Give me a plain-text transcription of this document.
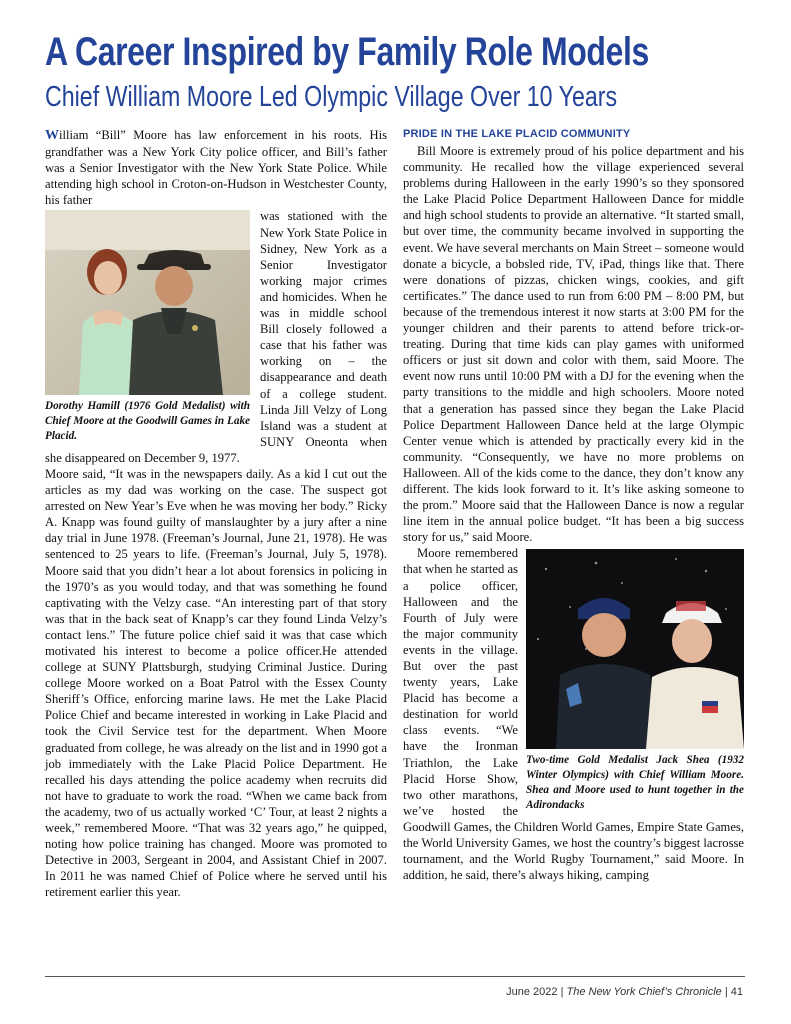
A Career Inspired by Family Role Models
Chief William Moore Led Olympic Village Over 10 Years

William “Bill” Moore has law enforcement in his roots. His grandfather was a New York City police officer, and Bill’s father was a Senior Investigator with the New York State Police. While attending high school in Croton-on-Hudson in Westchester County, his father

Dorothy Hamill (1976 Gold Medalist) with Chief Moore at the Goodwill Games in Lake Placid.

was stationed with the New York State Police in Sidney, New York as a Senior Investigator working major crimes and homicides. When he was in middle school Bill closely followed a case that his father was working on – the disappearance and death of a college student. Linda Jill Velzy of Long Island was a student at SUNY Oneonta when she disappeared on December 9, 1977.

Moore said, “It was in the newspapers daily. As a kid I cut out the articles as my dad was working on the case. The suspect got arrested on New Year’s Eve when he was moving her body.” Ricky A. Knapp was found guilty of manslaughter by a jury after a nine day trial in June 1978. (Freeman’s Journal, June 21, 1978). He was sentenced to 25 years to life. (Freeman’s Journal, July 5, 1978). Moore said that you didn’t hear a lot about forensics in policing in the 1970’s as you would today, and that was something he found captivating with the Velzy case. “An interesting part of that story was that in the back seat of Knapp’s car they found Linda Velzy’s contact lens.” The future police chief said it was that case which motivated his interest to become a police officer.He attended college at SUNY Plattsburgh, studying Criminal Justice. During college Moore worked on a Boat Patrol with the Essex County Sheriff’s Office, enforcing marine laws. He met the Lake Placid Police Chief and became interested in working in Lake Placid and took the Civil Service test for the department. When Moore graduated from college, he was already on the list and in 1990 got a job immediately with the Lake Placid Police Department. He recalled his days attending the police academy when recruits did not have to graduate to work the road. “When we came back from the academy, two of us actually worked ‘C’ Tour, at least 2 nights a week,” remembered Moore. “That was 32 years ago,” he quipped, noting how police training has changed. Moore was promoted to Detective in 2003, Sergeant in 2004, and Assistant Chief in 2007. In 2011 he was named Chief of Police where he served until his retirement earlier this year.

PRIDE IN THE LAKE PLACID COMMUNITY

Bill Moore is extremely proud of his police department and his community. He recalled how the village experienced several problems during Halloween in the early 1990’s so they sponsored the Lake Placid Police Department Halloween Dance for middle and high school students to provide an alternative. “It started small, but over time, the community became involved in supporting the event. We have several merchants on Main Street – someone would donate a bicycle, a bobsled ride, TV, iPad, things like that. There were donations of pizzas, chicken wings, cookies, and gift certificates.” The dance used to run from 6:00 PM – 8:00 PM, but because of the tremendous interest it now starts at 3:00 PM for the younger children and their parents to attend before trick-or-treating. During that time kids can play games with uniformed officers or just sit down and color with them, said Moore. The event now runs until 10:00 PM with a DJ for the evening when the party transitions to the middle and high schoolers. Moore noted that a generation has passed since they began the Lake Placid Police Department Halloween Dance held at the large Olympic Center venue which is attended by practically every kid in the community. “Consequently, we have no more problems on Halloween. All of the kids come to the dance, they don’t know any different. The kids look forward to it. It’s like asking someone to the prom.” Moore said that the Halloween Dance is now a regular line item in the annual police budget. “It has been a big success story for us,” said Moore.

Two-time Gold Medalist Jack Shea (1932 Winter Olympics) with Chief William Moore. Shea and Moore used to hunt together in the Adirondacks

Moore remembered that when he started as a police officer, Halloween and the Fourth of July were the major community events in the village. But over the past twenty years, Lake Placid has become a destination for world class events. “We have the Ironman Triathlon, the Lake Placid Horse Show, two other marathons, we’ve hosted the Goodwill Games, the Children World Games, Empire State Games, the World University Games, we host the country’s biggest lacrosse tournament, and the World Rugby Tournament,” said Moore. In addition, he said, there’s always hiking, camping

June 2022 | The New York Chief’s Chronicle | 41
